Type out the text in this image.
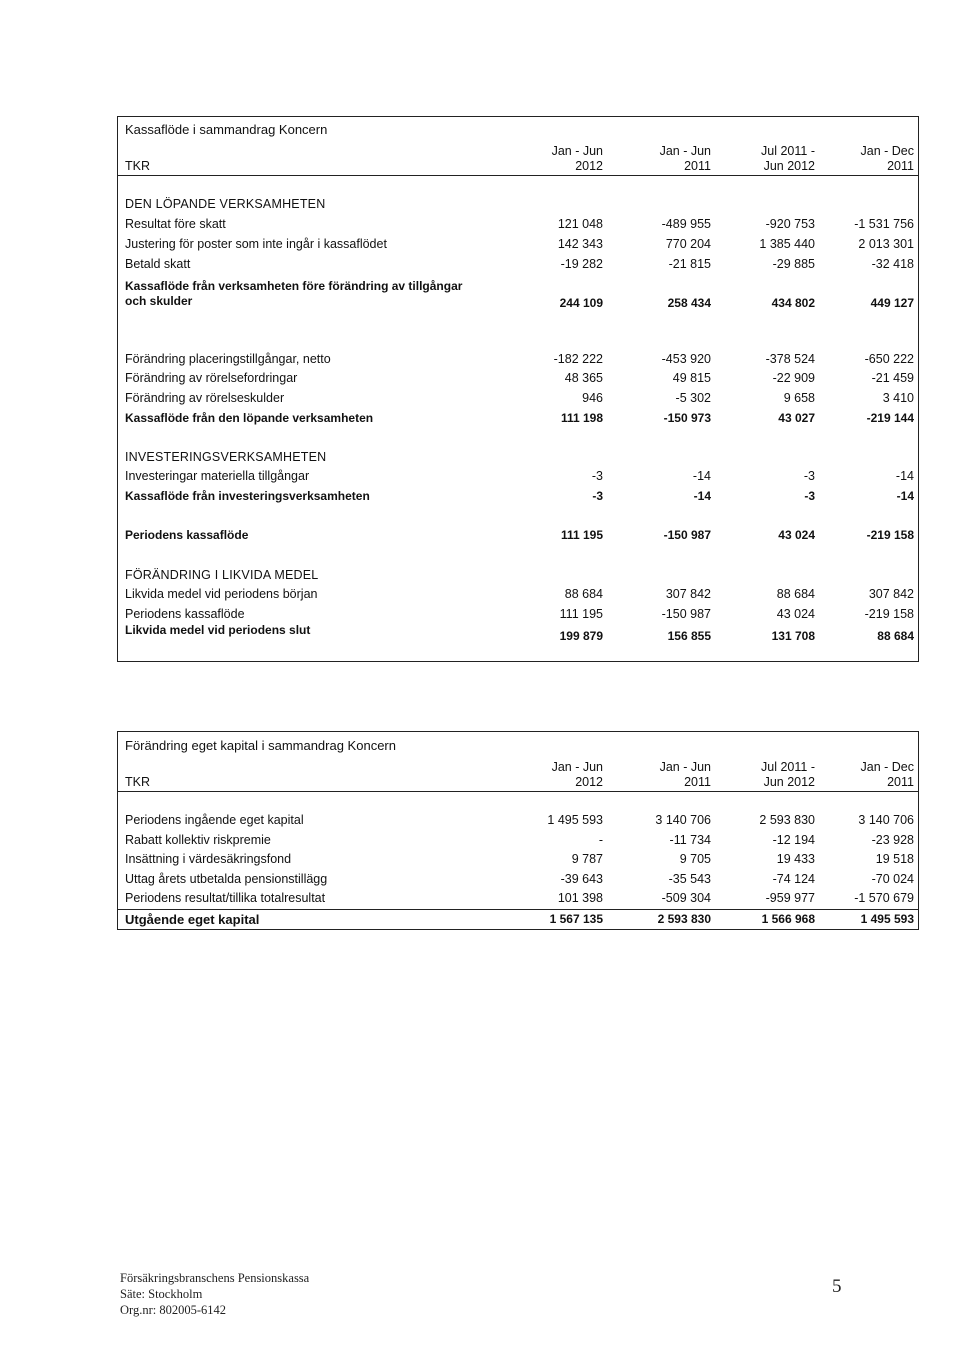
Kassaflöde i sammandrag Koncern
Jan - Jun	Jan - Jun	Jul 2011 -	Jan - Dec
TKR	2012	2011	Jun 2012	2011
DEN LÖPANDE VERKSAMHETEN
Resultat före skatt	121 048	-489 955	-920 753	-1 531 756
Justering för poster som inte ingår i kassaflödet	142 343	770 204	1 385 440	2 013 301
Betald skatt	-19 282	-21 815	-29 885	-32 418
Kassaflöde från verksamheten före förändring av tillgångar
och skulder	244 109	258 434	434 802	449 127
Förändring placeringstillgångar, netto	-182 222	-453 920	-378 524	-650 222
Förändring av rörelsefordringar	48 365	49 815	-22 909	-21 459
Förändring av rörelseskulder	946	-5 302	9 658	3 410
Kassaflöde från den löpande verksamheten	111 198	-150 973	43 027	-219 144
INVESTERINGSVERKSAMHETEN
Investeringar materiella tillgångar	-3	-14	-3	-14
Kassaflöde från investeringsverksamheten	-3	-14	-3	-14
Periodens kassaflöde	111 195	-150 987	43 024	-219 158
FÖRÄNDRING I LIKVIDA MEDEL
Likvida medel vid periodens början	88 684	307 842	88 684	307 842
Periodens kassaflöde	111 195	-150 987	43 024	-219 158
Likvida medel vid periodens slut	199 879	156 855	131 708	88 684
Förändring eget kapital i sammandrag Koncern
Jan - Jun	Jan - Jun	Jul 2011 -	Jan - Dec
TKR	2012	2011	Jun 2012	2011
Periodens ingående eget kapital	1 495 593	3 140 706	2 593 830	3 140 706
Rabatt kollektiv riskpremie	-	-11 734	-12 194	-23 928
Insättning i värdesäkringsfond	9 787	9 705	19 433	19 518
Uttag årets utbetalda pensionstillägg	-39 643	-35 543	-74 124	-70 024
Periodens resultat/tillika totalresultat	101 398	-509 304	-959 977	-1 570 679
Utgående eget kapital	1 567 135	2 593 830	1 566 968	1 495 593
Försäkringsbranschens Pensionskassa
Säte: Stockholm
Org.nr: 802005-6142
5
